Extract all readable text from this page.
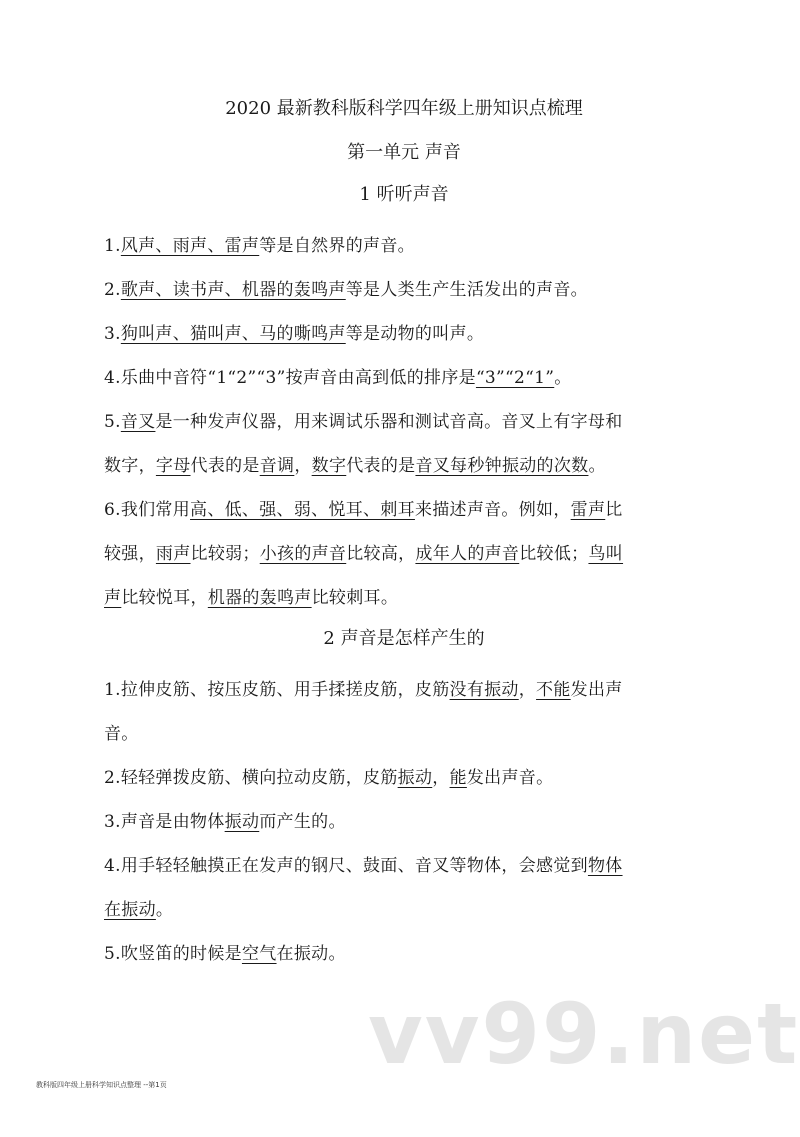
2020 最新教科版科学四年级上册知识点梳理

第一单元 声音

1 听听声音

1.风声、雨声、雷声等是自然界的声音。

2.歌声、读书声、机器的轰鸣声等是人类生产生活发出的声音。

3.狗叫声、猫叫声、马的嘶鸣声等是动物的叫声。

4.乐曲中音符“1“2”“3”按声音由高到低的排序是“3”“2“1”。

5.音叉是一种发声仪器，用来调试乐器和测试音高。音叉上有字母和
数字，字母代表的是音调，数字代表的是音叉每秒钟振动的次数。

6.我们常用高、低、强、弱、悦耳、刺耳来描述声音。例如，雷声比
较强，雨声比较弱；小孩的声音比较高，成年人的声音比较低；鸟叫
声比较悦耳，机器的轰鸣声比较刺耳。

2 声音是怎样产生的

1.拉伸皮筋、按压皮筋、用手揉搓皮筋，皮筋没有振动，不能发出声
音。

2.轻轻弹拨皮筋、横向拉动皮筋，皮筋振动，能发出声音。

3.声音是由物体振动而产生的。

4.用手轻轻触摸正在发声的钢尺、鼓面、音叉等物体，会感觉到物体
在振动。

5.吹竖笛的时候是空气在振动。

vv99.net
教科版四年级上册科学知识点整理 --第1页
